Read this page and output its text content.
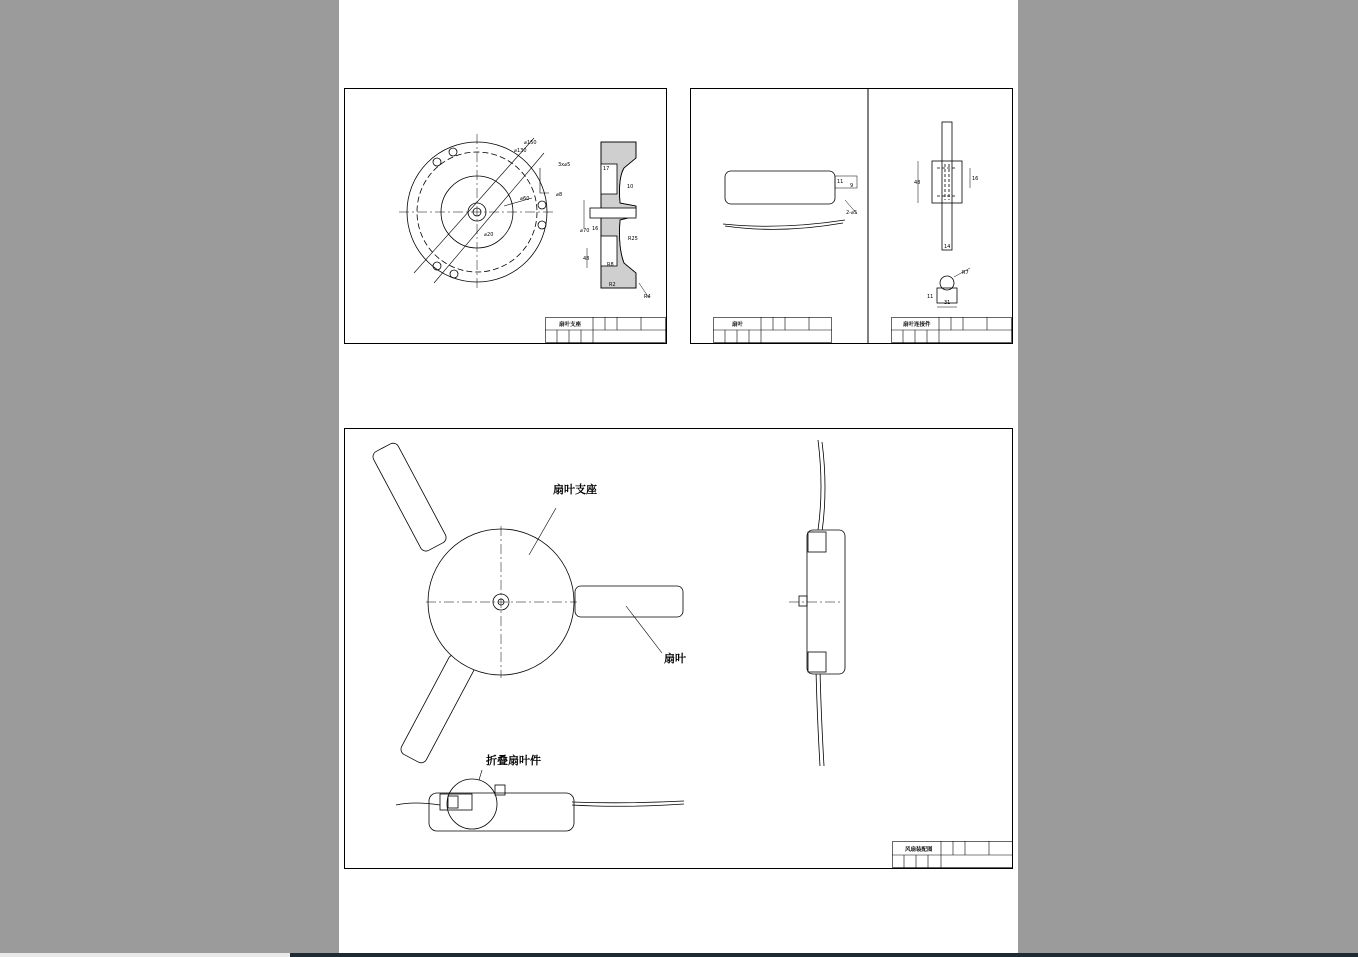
⌀150
⌀130
⌀60
⌀20
3x⌀5
⌀8
⌀70
17
10
16
48
R8
R25
R4
R2
扇叶支座
11
9
2-⌀5
48
16
14
R7
31
11
扇叶	扇叶连接件
扇叶支座
扇叶
折叠扇叶件
风扇装配图
